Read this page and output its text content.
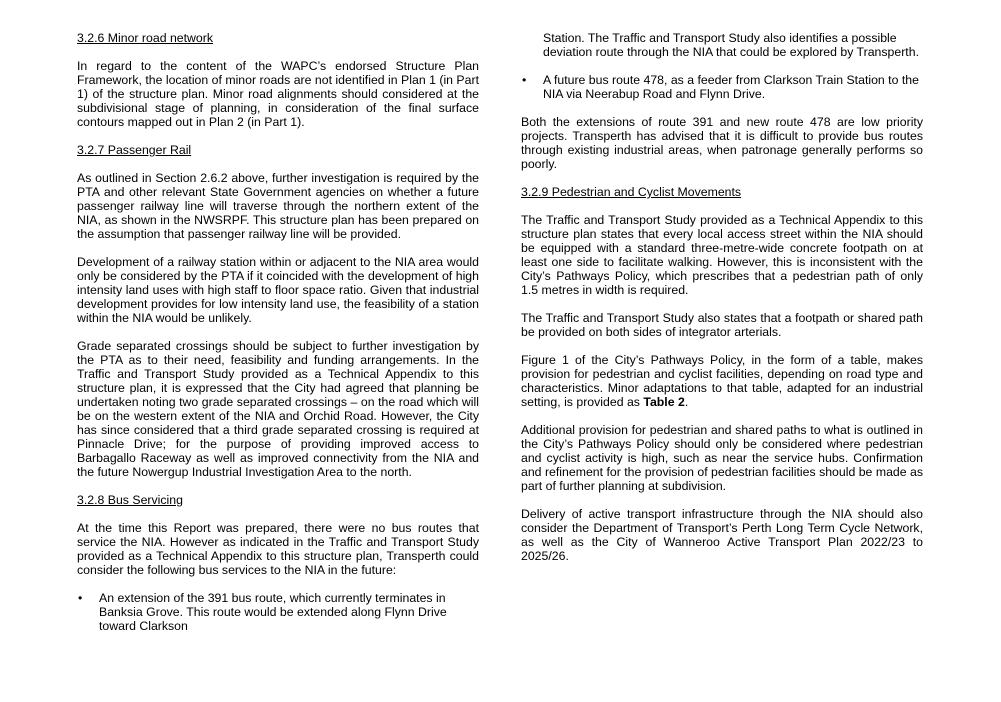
3.2.6 Minor road network

In regard to the content of the WAPC’s endorsed Structure Plan Framework, the location of minor roads are not identified in Plan 1 (in Part 1) of the structure plan. Minor road alignments should considered at the subdivisional stage of planning, in consideration of the final surface contours mapped out in Plan 2 (in Part 1).

3.2.7 Passenger Rail

As outlined in Section 2.6.2 above, further investigation is required by the PTA and other relevant State Government agencies on whether a future passenger railway line will traverse through the northern extent of the NIA, as shown in the NWSRPF. This structure plan has been prepared on the assumption that passenger railway line will be provided.

Development of a railway station within or adjacent to the NIA area would only be considered by the PTA if it coincided with the development of high intensity land uses with high staff to floor space ratio. Given that industrial development provides for low intensity land use, the feasibility of a station within the NIA would be unlikely.

Grade separated crossings should be subject to further investigation by the PTA as to their need, feasibility and funding arrangements. In the Traffic and Transport Study provided as a Technical Appendix to this structure plan, it is expressed that the City had agreed that planning be undertaken noting two grade separated crossings – on the road which will be on the western extent of the NIA and Orchid Road. However, the City has since considered that a third grade separated crossing is required at Pinnacle Drive; for the purpose of providing improved access to Barbagallo Raceway as well as improved connectivity from the NIA and the future Nowergup Industrial Investigation Area to the north.

3.2.8 Bus Servicing

At the time this Report was prepared, there were no bus routes that service the NIA. However as indicated in the Traffic and Transport Study provided as a Technical Appendix to this structure plan, Transperth could consider the following bus services to the NIA in the future:

• An extension of the 391 bus route, which currently terminates in Banksia Grove. This route would be extended along Flynn Drive toward Clarkson
Station. The Traffic and Transport Study also identifies a possible deviation route through the NIA that could be explored by Transperth.
• A future bus route 478, as a feeder from Clarkson Train Station to the NIA via Neerabup Road and Flynn Drive.

Both the extensions of route 391 and new route 478 are low priority projects. Transperth has advised that it is difficult to provide bus routes through existing industrial areas, when patronage generally performs so poorly.

3.2.9 Pedestrian and Cyclist Movements

The Traffic and Transport Study provided as a Technical Appendix to this structure plan states that every local access street within the NIA should be equipped with a standard three-metre-wide concrete footpath on at least one side to facilitate walking. However, this is inconsistent with the City’s Pathways Policy, which prescribes that a pedestrian path of only 1.5 metres in width is required.

The Traffic and Transport Study also states that a footpath or shared path be provided on both sides of integrator arterials.

Figure 1 of the City’s Pathways Policy, in the form of a table, makes provision for pedestrian and cyclist facilities, depending on road type and characteristics. Minor adaptations to that table, adapted for an industrial setting, is provided as Table 2.

Additional provision for pedestrian and shared paths to what is outlined in the City’s Pathways Policy should only be considered where pedestrian and cyclist activity is high, such as near the service hubs. Confirmation and refinement for the provision of pedestrian facilities should be made as part of further planning at subdivision.

Delivery of active transport infrastructure through the NIA should also consider the Department of Transport’s Perth Long Term Cycle Network, as well as the City of Wanneroo Active Transport Plan 2022/23 to 2025/26.
